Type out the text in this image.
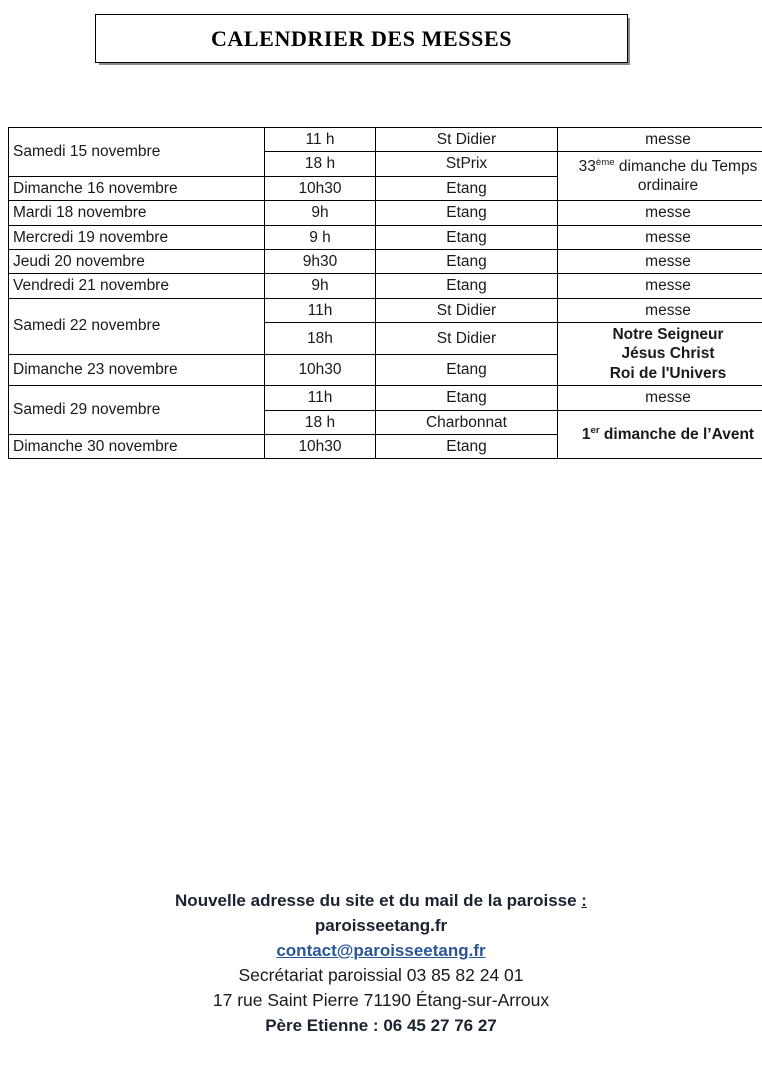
CALENDRIER DES MESSES
Samedi 15 novembre	11 h	St Didier	messe
	18 h	StPrix	33ème dimanche du Temps ordinaire
Dimanche 16 novembre	10h30	Etang	
Mardi 18 novembre	9h	Etang	messe
Mercredi 19 novembre	9 h	Etang	messe
Jeudi 20 novembre	9h30	Etang	messe
Vendredi 21 novembre	9h	Etang	messe
Samedi 22 novembre	11h	St Didier	messe
	18h	St Didier	Notre Seigneur
Jésus Christ
Roi de l'Univers
Dimanche 23 novembre	10h30	Etang	
Samedi 29 novembre	11h	Etang	messe
	18 h	Charbonnat	1er dimanche de l’Avent
Dimanche 30 novembre	10h30	Etang	
Nouvelle adresse du site et du mail de la paroisse :
paroisseetang.fr
contact@paroisseetang.fr
Secrétariat paroissial 03 85 82 24 01
17 rue Saint Pierre 71190 Étang-sur-Arroux
Père Etienne : 06 45 27 76 27
